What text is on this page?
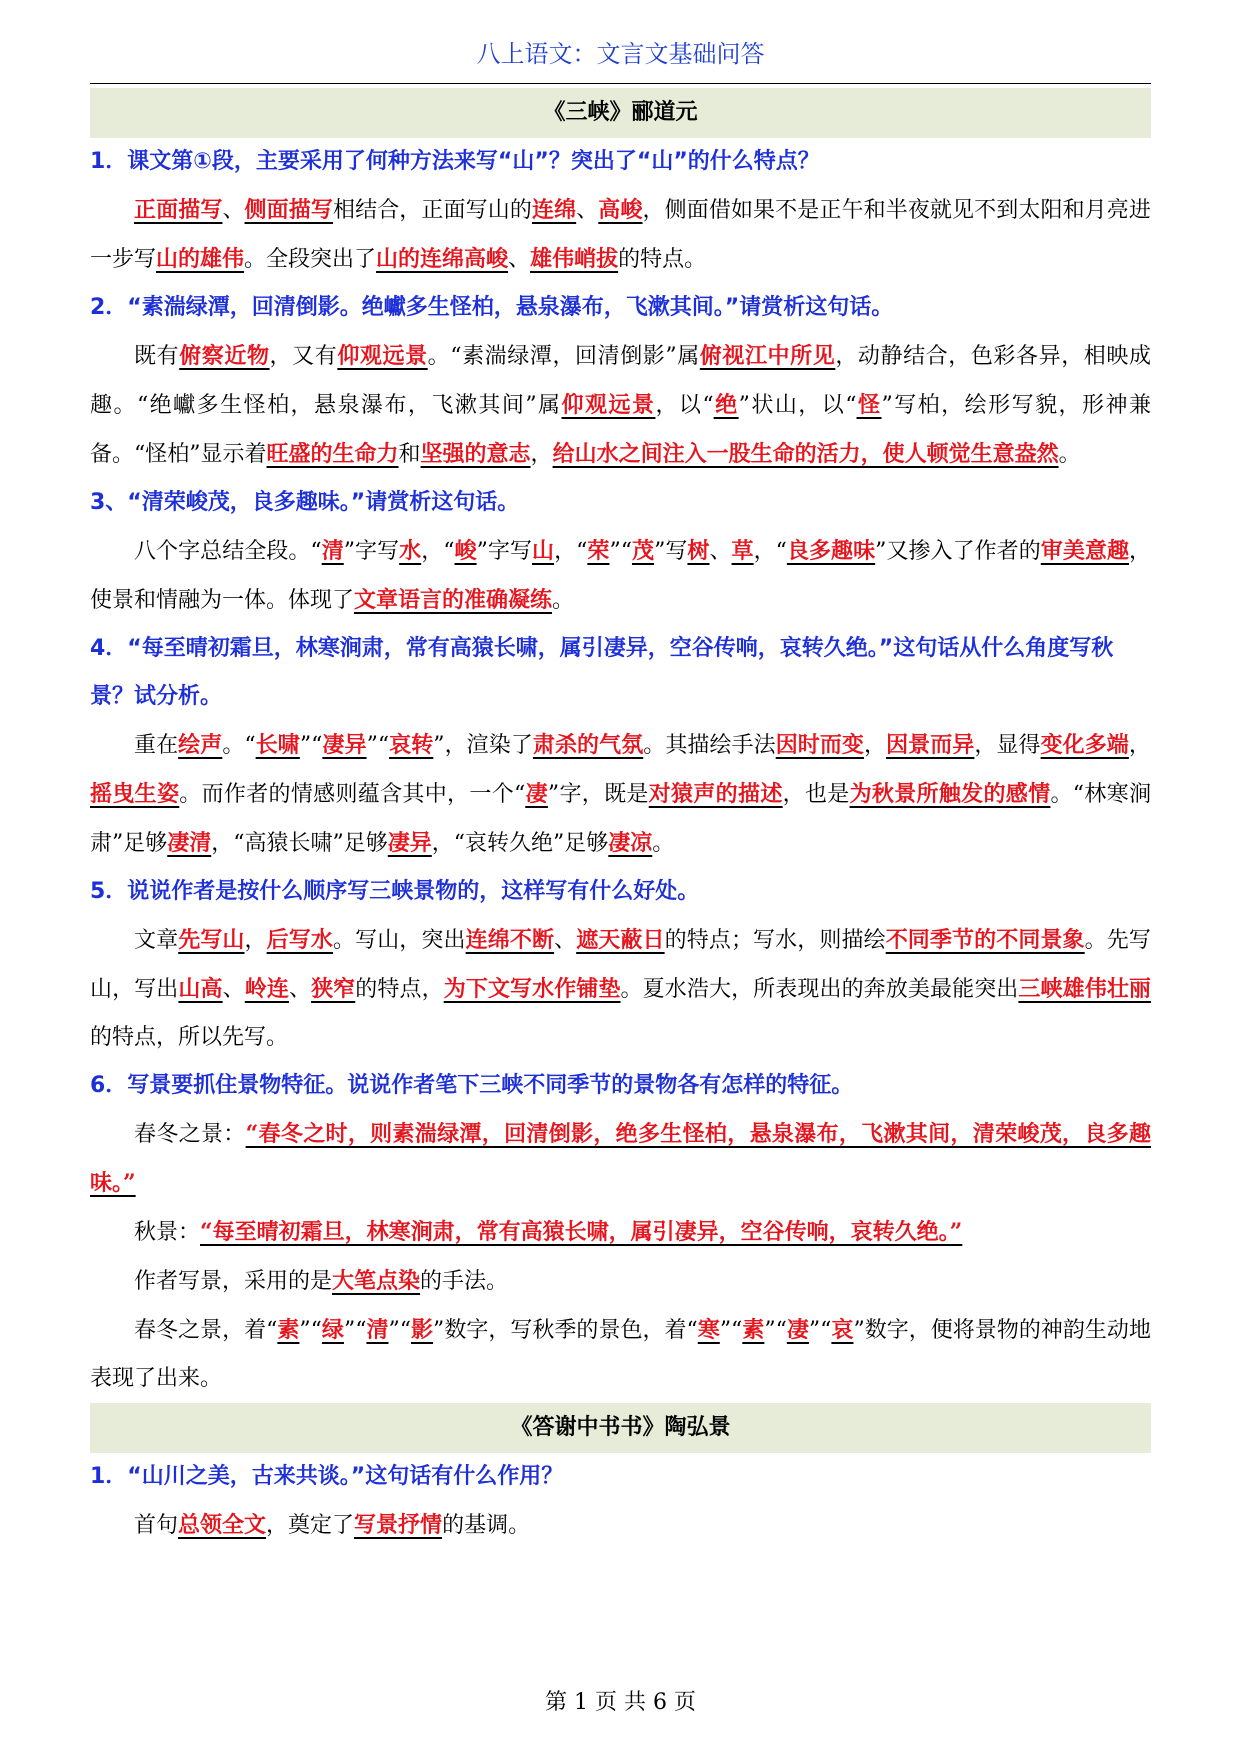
八上语文：文言文基础问答
《三峡》郦道元

1．课文第①段，主要采用了何种方法来写“山”？突出了“山”的什么特点？

正面描写、侧面描写相结合，正面写山的连绵、高峻，侧面借如果不是正午和半夜就见不到太阳和月亮进一步写山的雄伟。全段突出了山的连绵高峻、雄伟峭拔的特点。

2．“素湍绿潭，回清倒影。绝巘多生怪柏，悬泉瀑布，飞漱其间。”请赏析这句话。

既有俯察近物，又有仰观远景。“素湍绿潭，回清倒影”属俯视江中所见，动静结合，色彩各异，相映成趣。“绝巘多生怪柏，悬泉瀑布，飞漱其间”属仰观远景，以“绝”状山，以“怪”写柏，绘形写貌，形神兼备。“怪柏”显示着旺盛的生命力和坚强的意志，给山水之间注入一股生命的活力，使人顿觉生意盎然。

3、“清荣峻茂，良多趣味。”请赏析这句话。

八个字总结全段。“清”字写水，“峻”字写山，“荣”“茂”写树、草，“良多趣味”又掺入了作者的审美意趣，使景和情融为一体。体现了文章语言的准确凝练。

4．“每至晴初霜旦，林寒涧肃，常有高猿长啸，属引凄异，空谷传响，哀转久绝。”这句话从什么角度写秋景？试分析。

重在绘声。“长啸”“凄异”“哀转”，渲染了肃杀的气氛。其描绘手法因时而变，因景而异，显得变化多端，摇曳生姿。而作者的情感则蕴含其中，一个“凄”字，既是对猿声的描述，也是为秋景所触发的感情。“林寒涧肃”足够凄清，“高猿长啸”足够凄异，“哀转久绝”足够凄凉。

5．说说作者是按什么顺序写三峡景物的，这样写有什么好处。

文章先写山，后写水。写山，突出连绵不断、遮天蔽日的特点；写水，则描绘不同季节的不同景象。先写山，写出山高、岭连、狭窄的特点，为下文写水作铺垫。夏水浩大，所表现出的奔放美最能突出三峡雄伟壮丽的特点，所以先写。

6．写景要抓住景物特征。说说作者笔下三峡不同季节的景物各有怎样的特征。

春冬之景：“春冬之时，则素湍绿潭，回清倒影，绝多生怪柏，悬泉瀑布，飞漱其间，清荣峻茂，良多趣味。”

秋景：“每至晴初霜旦，林寒涧肃，常有高猿长啸，属引凄异，空谷传响，哀转久绝。”

作者写景，采用的是大笔点染的手法。

春冬之景，着“素”“绿”“清”“影”数字，写秋季的景色，着“寒”“素”“凄”“哀”数字，便将景物的神韵生动地表现了出来。

《答谢中书书》陶弘景

1．“山川之美，古来共谈。”这句话有什么作用？

首句总领全文，奠定了写景抒情的基调。

第 1 页 共 6 页
